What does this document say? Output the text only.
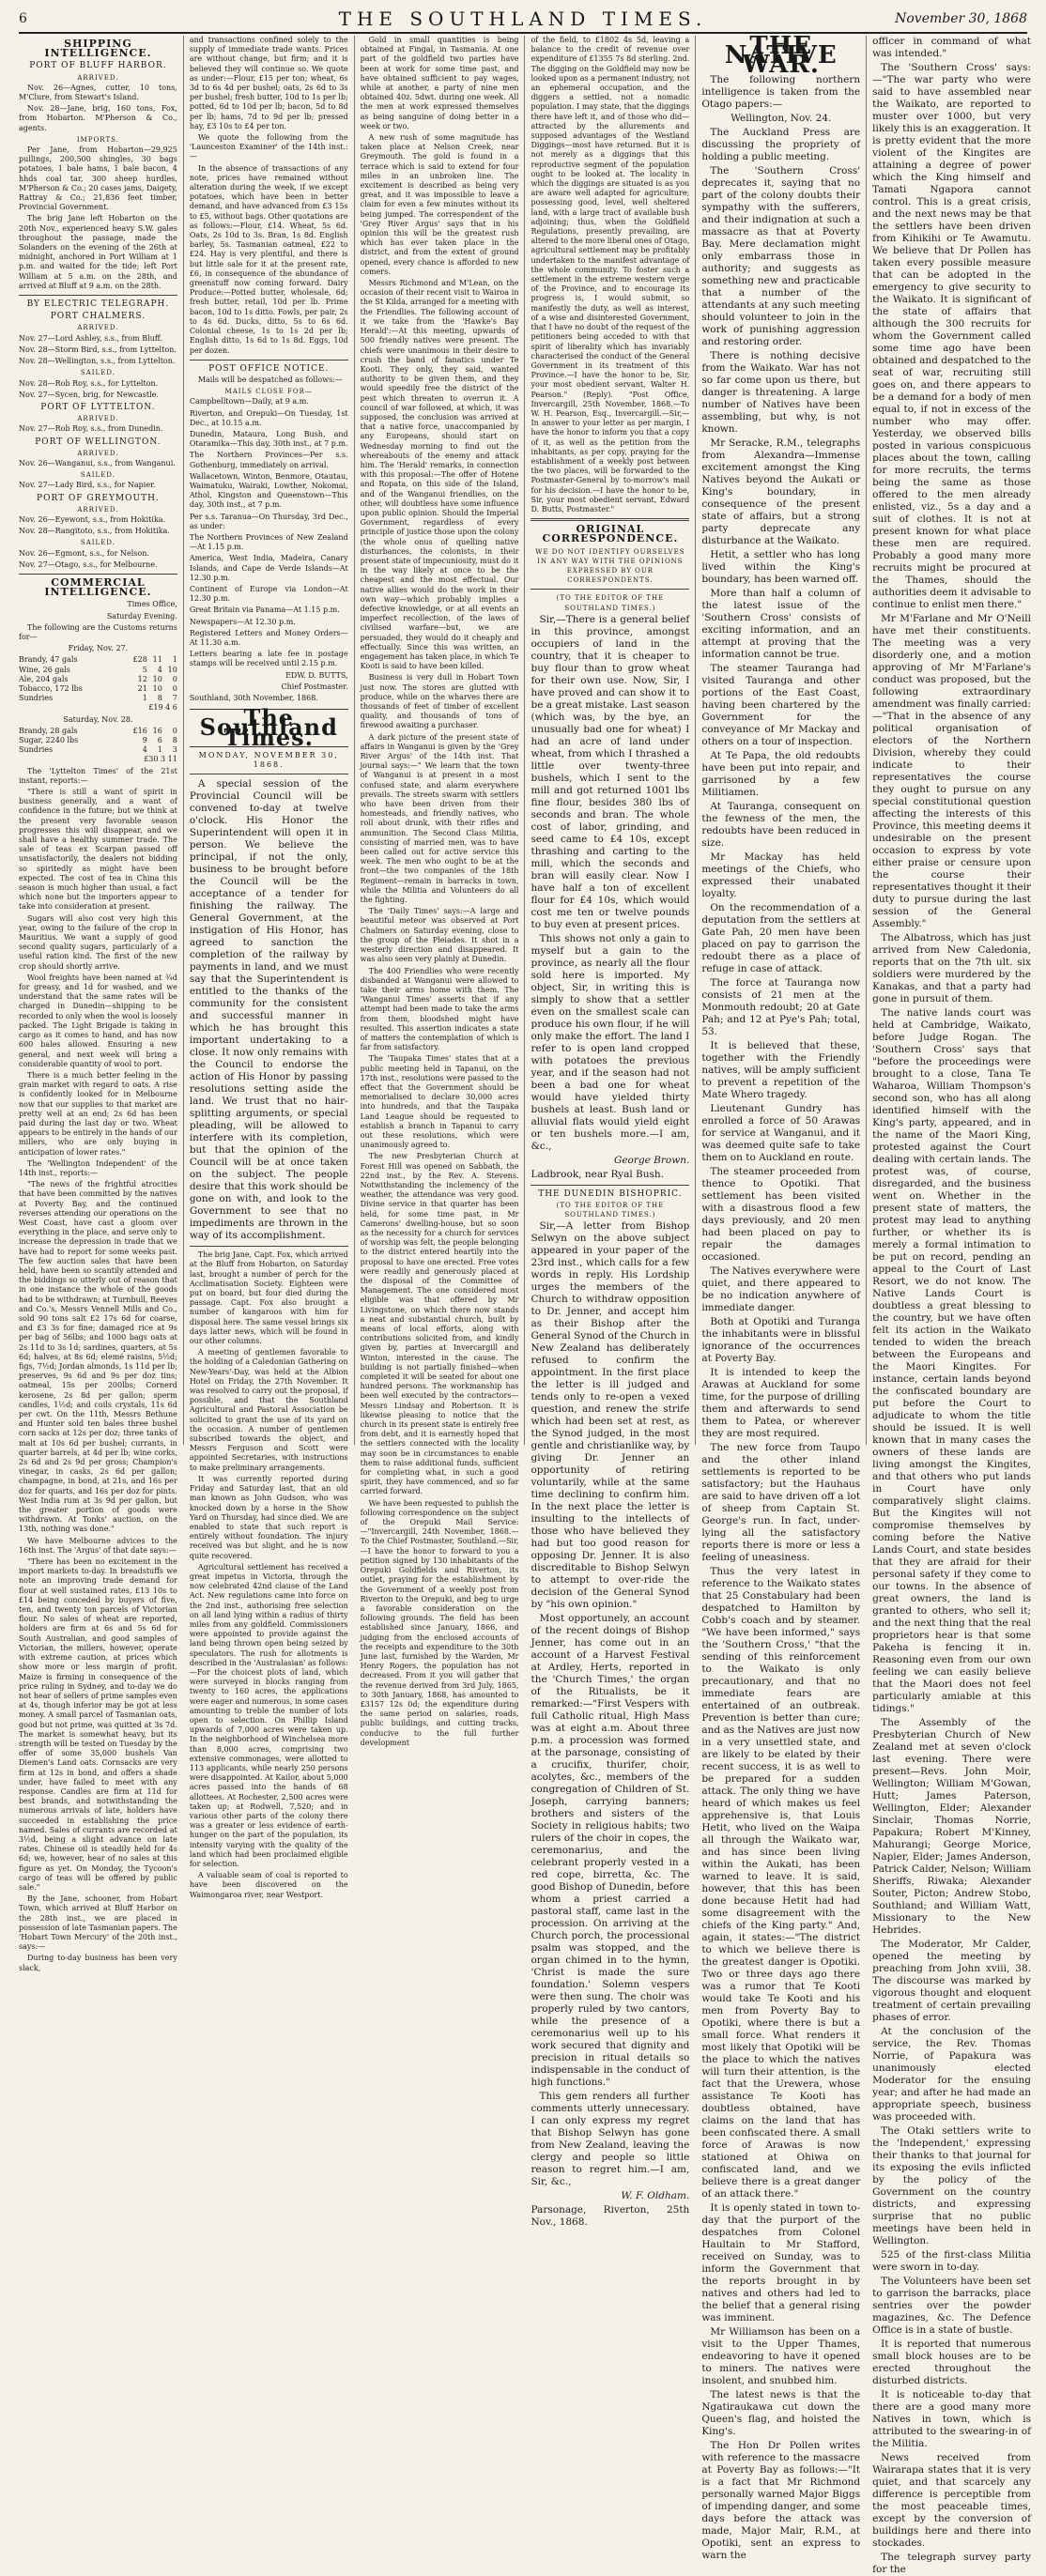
6	THE SOUTHLAND TIMES.	November 30, 1868
SHIPPING INTELLIGENCE.
PORT OF BLUFF HARBOR.
ARRIVED.

Nov. 26—Agnes, cutter, 10 tons, M'Clure, from Stewart's Island.

Nov. 28—Jane, brig, 160 tons, Fox, from Hobarton. M'Pherson & Co., agents.

IMPORTS.

Per Jane, from Hobarton—29,925 pullings, 200,500 shingles, 30 bags potatoes, 1 bale hams, 1 bale bacon, 4 hhds coal tar, 300 sheep hurdles, M'Pherson & Co.; 20 cases jams, Daigety, Rattray & Co.; 21,836 feet timber, Provincial Government.

The brig Jane left Hobarton on the 20th Nov., experienced heavy S.W. gales throughout the passage, made the Solanders on the evening of the 26th at midnight, anchored in Port William at 1 p.m. and waited for the tide; left Port William at 5 a.m. on the 28th, and arrived at Bluff at 9 a.m. on the 28th.

BY ELECTRIC TELEGRAPH.
PORT CHALMERS.
ARRIVED.

Nov. 27—Lord Ashley, s.s., from Bluff.

Nov. 28—Storm Bird, s.s., from Lyttelton.

Nov. 28—Wellington, s.s., from Lyttelton.

SAILED.

Nov. 28—Rob Roy, s.s., for Lyttelton.

Nov. 27—Sycen, brig, for Newcastle.

PORT OF LYTTELTON.
ARRIVED.

Nov. 27—Rob Roy, s.s., from Dunedin.

PORT OF WELLINGTON.
ARRIVED.

Nov. 26—Wanganui, s.s., from Wanganui.

SAILED.

Nov. 27—Lady Bird, s.s., for Napier.

PORT OF GREYMOUTH.
ARRIVED.

Nov. 26—Eyewont, s.s., from Hokitika.

Nov. 28—Rangitoto, s.s., from Hokitika.

SAILED.

Nov. 26—Egmont, s.s., for Nelson.

Nov. 27—Otago, s.s., for Melbourne.

COMMERCIAL INTELLIGENCE.

Times Office,

Saturday Evening.

The following are the Customs returns for—

Friday, Nov. 27.

Brandy, 47 gals	£28	11	1
Wine, 26 gals	5	4	10
Ale, 204 gals	12	10	0
Tobacco, 172 lbs	21	10	0
Sundries	1	8	7

£19 4 6

Saturday, Nov. 28.

Brandy, 28 gals	£16	16	0
Sugar, 2240 lbs	9	6	8
Sundries	4	1	3

£30 3 11

The 'Lyttelton Times' of the 21st instant, reports:—

"There is still a want of spirit in business generally, and a want of confidence in the future; but we think at the present very favorable season progresses this will disappear, and we shall have a healthy summer trade. The sale of teas ex Scarpan passed off unsatisfactorily, the dealers not bidding so spiritedly as might have been expected. The cost of tea in China this season is much higher than usual, a fact which none but the importers appear to take into consideration at present.

Sugars will also cost very high this year, owing to the failure of the crop in Mauritius. We want a supply of good second quality sugars, particularly of a useful ration kind. The first of the new crop should shortly arrive.

Wool freights have been named at ¾d for greasy, and 1d for washed, and we understand that the same rates will be charged in Dunedin—shipping to be recorded to only when the wool is loosely packed. The Light Brigade is taking in cargo as it comes to hand, and has now 600 bales allowed. Ensuring a new general, and next week will bring a considerable quantity of wool to port.

There is a much better feeling in the grain market with regard to oats. A rise is confidently looked for in Melbourne now that our supplies to that market are pretty well at an end; 2s 6d has been paid during the last day or two. Wheat appears to be entirely in the hands of our millers, who are only buying in anticipation of lower rates."

The 'Wellington Independent' of the 14th inst., reports:—

"The news of the frightful atrocities that have been committed by the natives at Poverty Bay, and the continued reverses attending our operations on the West Coast, have cast a gloom over everything in the place, and serve only to increase the depression in trade that we have had to report for some weeks past. The few auction sales that have been held, have been so scantily attended and the biddings so utterly out of reason that in one instance the whole of the goods had to be withdrawn; at Turnbull, Reeves and Co.'s, Messrs Vennell Mills and Co., sold 90 tons salt £2 17s 6d for coarse, and £3 3s for fine; damaged rice at 9s per bag of 56lbs; and 1000 bags oats at 2s 11d to 3s 1d; sardines, quarters, at 5s 6d; halves, at 8s 6d; elemé raisins, 5½d; figs, 7½d; Jordan almonds, 1s 11d per lb; preserves, 9s 6d and 9s per doz tins; oatmeal, 15s per 200lbs; Cornerd kerosene, 2s 8d per gallon; sperm candles, 1½d; and coils crystals, 11s 6d per cwt. On the 11th, Messrs Bethune and Hunter sold ten bales three bushel corn sacks at 12s per doz; three tanks of malt at 10s 6d per bushel; currants, in quarter barrels, at 4d per lb; wine corks, 2s 6d and 2s 9d per gross; Champion's vinegar, in casks, 2s 6d per gallon; champagne, in bond, at 21s, and 16s per doz for quarts, and 16s per doz for pints. West India rum at 3s 9d per gallon, but the greater portion of goods were withdrawn. At Tonks' auction, on the 13th, nothing was done."

We have Melbourne advices to the 16th inst. The 'Argus' of that date says:—

"There has been no excitement in the import markets to-day. In breadstuffs we note an improving trade demand for flour at well sustained rates, £13 10s to £14 being conceded by buyers of five, ten, and twenty ton parcels of Victorian flour. No sales of wheat are reported, holders are firm at 6s and 5s 6d for South Australian, and good samples of Victorian, the millers, however, operate with extreme caution, at prices which show more or less margin of profit. Maize is firming in consequence of the price ruling in Sydney, and to-day we do not hear of sellers of prime samples even at 4s, though inferior may be got at less money. A small parcel of Tasmanian oats, good but not prime, was quitted at 3s 7d. The market is somewhat heavy, but its strength will be tested on Tuesday by the offer of some 35,000 bushels Van Diemen's Land oats. Cornsacks are very firm at 12s in bond, and offers a shade under, have failed to meet with any response. Candles are firm at 11d for best brands, and notwithstanding the numerous arrivals of late, holders have succeeded in establishing the price named. Sales of currants are recorded at 3½d, being a slight advance on late rates. Chinese oil is steadily held for 4s 6d; we, however, hear of no sales at this figure as yet. On Monday, the Tycoon's cargo of teas will be offered by public sale."

By the Jane, schooner, from Hobart Town, which arrived at Bluff Harbor on the 28th inst., we are placed in possession of late Tasmanian papers. The 'Hobart Town Mercury' of the 20th inst., says:—

During to-day business has been very slack,

and transactions confined solely to the supply of immediate trade wants. Prices are without change, but firm; and it is believed they will continue so. We quote as under:—Flour, £15 per ton; wheat, 6s 3d to 6s 4d per bushel; oats, 2s 6d to 3s per bushel; fresh butter, 10d to 1s per lb; potted, 6d to 10d per lb; bacon, 5d to 8d per lb; hams, 7d to 9d per lb; pressed hay, £3 10s to £4 per ton.

We quote the following from the 'Launceston Examiner' of the 14th inst.:—

In the absence of transactions of any note, prices have remained without alteration during the week, if we except potatoes, which have been in better demand, and have advanced from £3 15s to £5, without bags. Other quotations are as follows:—Flour, £14. Wheat, 5s 6d. Oats, 2s 10d to 3s. Bran, 1s 8d. English barley, 5s. Tasmanian oatmeal, £22 to £24. Hay is very plentiful, and there is but little sale for it at the present rate, £6, in consequence of the abundance of greenstuff now coming forward. Dairy Produce:—Potted butter, wholesale, 6d; fresh butter, retail, 10d per lb. Prime bacon, 10d to 1s ditto. Fowls, per pair, 2s to 4s 6d. Ducks, ditto, 5s to 6s 6d. Colonial cheese, 1s to 1s 2d per lb; English ditto, 1s 6d to 1s 8d. Eggs, 10d per dozen.

POST OFFICE NOTICE.

Mails will be despatched as follows:—

MAILS CLOSE FOR—

Campbelltown—Daily, at 9 a.m.

Riverton, and Orepuki—On Tuesday, 1st Dec., at 10.15 a.m.

Dunedin, Mataura, Long Bush, and Otaramika—This day, 30th inst., at 7 p.m.

The Northern Provinces—Per s.s. Gothenburg, immediately on arrival.

Wallacetown, Winton, Benmore, Otautau, Waimatuku, Wairaki, Lowther, Nokomai, Athol, Kingston and Queenstown—This day, 30th inst., at 7 p.m.

Per s.s. Taranua—On Thursday, 3rd Dec., as under:

The Northern Provinces of New Zealand—At 1.15 p.m.

America, West India, Madeira, Canary Islands, and Cape de Verde Islands—At 12.30 p.m.

Continent of Europe via London—At 12.30 p.m.

Great Britain via Panama—At 1.15 p.m.

Newspapers—At 12.30 p.m.

Registered Letters and Money Orders—At 11.30 a.m.

Letters bearing a late fee in postage stamps will be received until 2.15 p.m.

EDW. D. BUTTS,

Chief Postmaster.

Southland, 30th November, 1868.

The Southland Times.
MONDAY, NOVEMBER 30, 1868.

A special session of the Provincial Council will be convened to-day at twelve o'clock. His Honor the Superintendent will open it in person. We believe the principal, if not the only, business to be brought before the Council will be the acceptance of a tender for finishing the railway. The General Government, at the instigation of His Honor, has agreed to sanction the completion of the railway by payments in land, and we must say that the Superintendent is entitled to the thanks of the community for the consistent and successful manner in which he has brought this important undertaking to a close. It now only remains with the Council to endorse the action of His Honor by passing resolutions setting aside the land. We trust that no hair-splitting arguments, or special pleading, will be allowed to interfere with its completion, but that the opinion of the Council will be at once taken on the subject. The people desire that this work should be gone on with, and look to the Government to see that no impediments are thrown in the way of its accomplishment.

The brig Jane, Capt. Fox, which arrived at the Bluff from Hobarton, on Saturday last, brought a number of perch for the Acclimatisation Society. Eighteen were put on board, but four died during the passage. Capt. Fox also brought a number of kangaroos with him for disposal here. The same vessel brings six days latter news, which will be found in our other columns.

A meeting of gentlemen favorable to the holding of a Caledonian Gathering on New-Years'-Day, was held at the Albion Hotel on Friday, the 27th November. It was resolved to carry out the proposal, if possible, and that the Southland Agricultural and Pastoral Association be solicited to grant the use of its yard on the occasion. A number of gentlemen subscribed towards the object, and Messrs Ferguson and Scott were appointed Secretaries, with instructions to make preliminary arrangements.

It was currently reported during Friday and Saturday last, that an old man known as John Gudson, who was knocked down by a horse in the Show Yard on Thursday, had since died. We are enabled to state that such report is entirely without foundation. The injury received was but slight, and he is now quite recovered.

Agricultural settlement has received a great impetus in Victoria, through the now celebrated 42nd clause of the Land Act. New regulations came into force on the 2nd inst., authorising free selection on all land lying within a radius of thirty miles from any goldfield. Commissioners were appointed to provide against the land being thrown open being seized by speculators. The rush for allotments is described in the 'Australasian' as follows:—For the choicest plots of land, which were surveyed in blocks ranging from twenty to 160 acres, the applications were eager and numerous, in some cases amounting to treble the number of lots open to selection. On Phillip Island upwards of 7,000 acres were taken up. In the neighborhood of Winchelsea more than 8,000 acres, comprising two extensive commonages, were allotted to 113 applicants, while nearly 250 persons were disappointed. At Kailor, about 5,000 acres passed into the hands of 68 allottees. At Rochester, 2,500 acres were taken up; at Rodwell, 7,520; and in various other parts of the colony there was a greater or less evidence of earth-hunger on the part of the population, its intensity varying with the quality of the land which had been proclaimed eligible for selection.

A valuable seam of coal is reported to have been discovered on the Waimongaroa river, near Westport.

Gold in small quantities is being obtained at Fingal, in Tasmania. At one part of the goldfield two parties have been at work for some time past, and have obtained sufficient to pay wages, while at another, a party of nine men obtained 40z. 5dwt. during one week. All the men at work expressed themselves as being sanguine of doing better in a week or two.

A new rush of some magnitude has taken place at Nelson Creek, near Greymouth. The gold is found in a terrace which is said to extend for four miles in an unbroken line. The excitement is described as being very great, and it was impossible to leave a claim for even a few minutes without its being jumped. The correspondent of the 'Grey River Argus' says that in his opinion this will be the greatest rush which has ever taken place in the district, and from the extent of ground opened, every chance is afforded to new comers.

Messrs Richmond and M'Lean, on the occasion of their recent visit to Wairoa in the St Kilda, arranged for a meeting with the Friendlies. The following account of it we take from the 'Hawke's Bay Herald':—At this meeting, upwards of 500 friendly natives were present. The chiefs were unanimous in their desire to crush the band of fanatics under Te Kooti. They only, they said, wanted authority to be given them, and they would speedily free the district of the pest which threaten to overrun it. A council of war followed, at which, it was supposed, the conclusion was arrived at that a native force, unaccompanied by any Europeans, should start on Wednesday morning to find out the whereabouts of the enemy and attack him. The 'Herald' remarks, in connection with this proposal:—The offer of Hotene and Ropata, on this side of the Island, and of the Wanganui friendlies, on the other, will doubtless have some influence upon public opinion. Should the Imperial Government, regardless of every principle of justice those upon the colony (the whole onus of quelling native disturbances, the colonists, in their present state of impecuniosity, must do it in the way likely at once to be the cheapest and the most effectual. Our native allies would do the work in their own way—which probably implies a defective knowledge, or at all events an imperfect recollection, of the laws of civilised warfare—but, we are persuaded, they would do it cheaply and effectually. Since this was written, an engagement has taken place, in which Te Kooti is said to have been killed.

Business is very dull in Hobart Town just now. The stores are glutted with produce, while on the wharves there are thousands of feet of timber of excellent quality, and thousands of tons of firewood awaiting a purchaser.

A dark picture of the present state of affairs in Wanganui is given by the 'Grey River Argus' of the 14th inst. That journal says:—" We learn that the town of Wanganui is at present in a most confused state, and alarm everywhere prevails. The streets swarm with settlers who have been driven from their homesteads, and friendly natives, who roll about drunk, with their rifles and ammunition. The Second Class Militia, consisting of married men, was to have been called out for active service this week. The men who ought to be at the front—the two companies of the 18th Regiment—remain in barracks in town, while the Militia and Volunteers do all the fighting.

The 'Daily Times' says:—A large and beautiful meteor was observed at Port Chalmers on Saturday evening, close to the group of the Pleiades. It shot in a westerly direction and disappeared. It was also seen very plainly at Dunedin.

The 400 Friendlies who were recently disbanded at Wanganui were allowed to take their arms home with them. The 'Wanganui Times' asserts that if any attempt had been made to take the arms from them, bloodshed might have resulted. This assertion indicates a state of matters the contemplation of which is far from satisfactory.

The 'Taupaka Times' states that at a public meeting held in Tapanui, on the 17th inst., resolutions were passed to the effect that the Government should be memorialised to declare 30,000 acres into hundreds, and that the Taupaka Land League should be requested to establish a branch in Tapanui to carry out these resolutions, which were unanimously agreed to.

The new Presbyterian Church at Forest Hill was opened on Sabbath, the 22nd inst., by the Rev. A. Stevens. Notwithstanding the inclemency of the weather, the attendance was very good. Divine service in that quarter has been held, for some time past, in Mr Camerons' dwelling-house, but so soon as the necessity for a church for services of worship was felt, the people belonging to the district entered heartily into the proposal to have one erected. Free votes were readily and generously placed at the disposal of the Committee of Management. The one considered most eligible was that offered by Mr Livingstone, on which there now stands a neat and substantial church, built by means of local efforts, along with contributions solicited from, and kindly given by, parties at Invercargill and Winton, interested in the cause. The building is not partially finished—when completed it will be seated for about one hundred persons. The workmanship has been well executed by the contractors—Messrs Lindsay and Robertson. It is likewise pleasing to notice that the church in its present state is entirely free from debt, and it is earnestly hoped that the settlers connected with the locality may soon be in circumstances to enable them to raise additional funds, sufficient for completing what, in such a good spirit, they have commenced, and so far carried forward.

We have been requested to publish the following correspondence on the subject of the Orepuki Mail Service:—"Invercargill, 24th November, 1868.—To the Chief Postmaster, Southland.—Sir,—I have the honor to forward to you a petition signed by 130 inhabitants of the Orepuki Goldfields and Riverton, its outlet, praying for the establishment by the Government of a weekly post from Riverton to the Orepuki, and beg to urge a favorable consideration on the following grounds. The field has been established since January, 1866, and judging from the enclosed accounts of the receipts and expenditure to the 30th June last, furnished by the Warden, Mr Henry Rogers, the population has not decreased. From it you will gather that the revenue derived from 3rd July, 1865, to 30th January, 1868, has amounted to £3157 12s 0d; the expenditure during the same period on salaries, roads, public buildings, and cutting tracks, conducive to the full further development

of the field, to £1802 4s 5d, leaving a balance to the credit of revenue over expenditure of £1355 7s 8d sterling. 2nd. The digging on the Goldfield may now be looked upon as a permanent industry, not an ephemeral occupation, and the diggers a settled, not a nomadic population. I may state, that the diggings there have left it, and of those who did—attracted by the allurements and supposed advantages of the Westland Diggings—most have returned. But it is not merely as a diggings that this reproductive segment of the population ought to be looked at. The locality in which the diggings are situated is as you are aware well adapted for agriculture; possessing good, level, well sheltered land, with a large tract of available bush adjoining; thus, when the Goldfield Regulations, presently prevailing, are altered to the more liberal ones of Otago, agricultural settlement may be profitably undertaken to the manifest advantage of the whole community. To foster such a settlement in the extreme western verge of the Province, and to encourage its progress is, I would submit, so manifestly the duty, as well as interest, of a wise and disinterested Government, that I have no doubt of the request of the petitioners being acceded to with that spirit of liberality which has invariably characterised the conduct of the General Government in its treatment of this Province.—I have the honor to be, Sir, your most obedient servant, Walter H. Pearson." (Reply). "Post Office, Invercargill, 25th November, 1868.—To W. H. Pearson, Esq., Invercargill.—Sir,—In answer to your letter as per margin, I have the honor to inform you that a copy of it, as well as the petition from the inhabitants, as per copy, praying for the establishment of a weekly post between the two places, will be forwarded to the Postmaster-General by to-morrow's mail for his decision.—I have the honor to be, Sir, your most obedient servant, Edward D. Butts, Postmaster."

ORIGINAL CORRESPONDENCE.
WE DO NOT IDENTIFY OURSELVES IN ANY WAY WITH THE OPINIONS EXPRESSED BY OUR CORRESPONDENTS.
(TO THE EDITOR OF THE SOUTHLAND TIMES.)

Sir,—There is a general belief in this province, amongst occupiers of land in the country, that it is cheaper to buy flour than to grow wheat for their own use. Now, Sir, I have proved and can show it to be a great mistake. Last season (which was, by the bye, an unusually bad one for wheat) I had an acre of land under wheat, from which I thrashed a little over twenty-three bushels, which I sent to the mill and got returned 1001 lbs fine flour, besides 380 lbs of seconds and bran. The whole cost of labor, grinding, and seed came to £4 10s, except thrashing and carting to the mill, which the seconds and bran will easily clear. Now I have half a ton of excellent flour for £4 10s, which would cost me ten or twelve pounds to buy even at present prices.

This shows not only a gain to myself but a gain to the province, as nearly all the flour sold here is imported. My object, Sir, in writing this is simply to show that a settler even on the smallest scale can produce his own flour, if he will only make the effort. The land I refer to is open land cropped with potatoes the previous year, and if the season had not been a bad one for wheat would have yielded thirty bushels at least. Bush land or alluvial flats would yield eight or ten bushels more.—I am, &c.,

George Brown.

Ladbrook, near Ryal Bush.

THE DUNEDIN BISHOPRIC.
(TO THE EDITOR OF THE SOUTHLAND TIMES.)

Sir,—A letter from Bishop Selwyn on the above subject appeared in your paper of the 23rd inst., which calls for a few words in reply. His Lordship urges the members of the Church to withdraw opposition to Dr. Jenner, and accept him as their Bishop after the General Synod of the Church in New Zealand has deliberately refused to confirm the appointment. In the first place the letter is ill judged and tends only to re-open a vexed question, and renew the strife which had been set at rest, as the Synod judged, in the most gentle and christianlike way, by giving Dr. Jenner an opportunity of retiring voluntarily, while at the same time declining to confirm him. In the next place the letter is insulting to the intellects of those who have believed they had but too good reason for opposing Dr. Jenner. It is also discreditable to Bishop Selwyn to attempt to over-ride the decision of the General Synod by "his own opinion."

Most opportunely, an account of the recent doings of Bishop Jenner, has come out in an account of a Harvest Festival at Ardley, Herts, reported in the 'Church Times,' the organ of the Ritualists, be it remarked:—"First Vespers with full Catholic ritual, High Mass was at eight a.m. About three p.m. a procession was formed at the parsonage, consisting of a crucifix, thurifer, choir, acolytes, &c., members of the congregation of Children of St. Joseph, carrying banners; brothers and sisters of the Society in religious habits; two rulers of the choir in copes, the ceremonarius, and the celebrant properly vested in a red cope, birretta, &c. The good Bishop of Dunedin, before whom a priest carried a pastoral staff, came last in the procession. On arriving at the Church porch, the processional psalm was stopped, and the organ chimed in to the hymn, 'Christ is made the sure foundation.' Solemn vespers were then sung. The choir was properly ruled by two cantors, while the presence of a ceremonarius well up to his work secured that dignity and precision in ritual details so indispensable in the conduct of high functions."

This gem renders all further comments utterly unnecessary. I can only express my regret that Bishop Selwyn has gone from New Zealand, leaving the clergy and people so little reason to regret him.—I am, Sir, &c.,

W. F. Oldham.

Parsonage, Riverton, 25th Nov., 1868.

THE NATIVE WAR.

The following northern intelligence is taken from the Otago papers:—

Wellington, Nov. 24.

The Auckland Press are discussing the propriety of holding a public meeting.

The 'Southern Cross' deprecates it, saying that no part of the colony doubts their sympathy with the sufferers, and their indignation at such a massacre as that at Poverty Bay. Mere declamation might only embarrass those in authority; and suggests as something new and practicable that a number of the attendants at any such meeting should volunteer to join in the work of punishing aggression and restoring order.

There is nothing decisive from the Waikato. War has not so far come upon us there, but danger is threatening. A large number of Natives have been assembling, but why, is not known.

Mr Seracke, R.M., telegraphs from Alexandra—Immense excitement amongst the King Natives beyond the Aukati or King's boundary, in consequence of the present state of affairs, but a strong party deprecate any disturbance at the Waikato.

Hetit, a settler who has long lived within the King's boundary, has been warned off.

More than half a column of the latest issue of the 'Southern Cross' consists of exciting information, and an attempt at proving that the information cannot be true.

The steamer Tauranga had visited Tauranga and other portions of the East Coast, having been chartered by the Government for the conveyance of Mr Mackay and others on a tour of inspection.

At Te Papa, the old redoubts have been put into repair, and garrisoned by a few Militiamen.

At Tauranga, consequent on the fewness of the men, the redoubts have been reduced in size.

Mr Mackay has held meetings of the Chiefs, who expressed their unabated loyalty.

On the recommendation of a deputation from the settlers at Gate Pah, 20 men have been placed on pay to garrison the redoubt there as a place of refuge in case of attack.

The force at Tauranga now consists of 21 men at the Monmouth redoubt; 20 at Gate Pah; and 12 at Pye's Pah; total, 53.

It is believed that these, together with the Friendly natives, will be amply sufficient to prevent a repetition of the Mate Whero tragedy.

Lieutenant Gundry has enrolled a force of 50 Arawas for service at Wanganui, and it was deemed quite safe to take them on to Auckland en route.

The steamer proceeded from thence to Opotiki. That settlement has been visited with a disastrous flood a few days previously, and 20 men had been placed on pay to repair the damages occasioned.

The Natives everywhere were quiet, and there appeared to be no indication anywhere of immediate danger.

Both at Opotiki and Turanga the inhabitants were in blissful ignorance of the occurrences at Poverty Bay.

It is intended to keep the Arawas at Auckland for some time, for the purpose of drilling them and afterwards to send them to Patea, or wherever they are most required.

The new force from Taupo and the other inland settlements is reported to be satisfactory; but the Hauhaus are said to have driven off a lot of sheep from Captain St. George's run. In fact, under-lying all the satisfactory reports there is more or less a feeling of uneasiness.

Thus the very latest in reference to the Waikato states that 25 Constabulary had been despatched to Hamilton by Cobb's coach and by steamer. "We have been informed," says the 'Southern Cross,' "that the sending of this reinforcement to the Waikato is only precautionary, and that no immediate fears are entertained of an outbreak. Prevention is better than cure; and as the Natives are just now in a very unsettled state, and are likely to be elated by their recent success, it is as well to be prepared for a sudden attack. The only thing we have heard of which makes us feel apprehensive is, that Louis Hetit, who lived on the Waipa all through the Waikato war, and has since been living within the Aukati, has been warned to leave. It is said, however, that this has been done because Hetit had had some disagreement with the chiefs of the King party." And, again, it states:—"The district to which we believe there is the greatest danger is Opotiki. Two or three days ago there was a rumor that Te Kooti would take Te Kooti and his men from Poverty Bay to Opotiki, where there is but a small force. What renders it most likely that Opotiki will be the place to which the natives will turn their attention, is the fact that the Urewera, whose assistance Te Kooti has doubtless obtained, have claims on the land that has been confiscated there. A small force of Arawas is now stationed at Ohiwa on confiscated land, and we believe there is a great danger of an attack there."

It is openly stated in town to-day that the purport of the despatches from Colonel Haultain to Mr Stafford, received on Sunday, was to inform the Government that the reports brought in by natives and others had led to the belief that a general rising was imminent.

Mr Williamson has been on a visit to the Upper Thames, endeavoring to have it opened to miners. The natives were insolent, and snubbed him.

The latest news is that the Ngatiraukawa cut down the Queen's flag, and hoisted the King's.

The Hon Dr Pollen writes with reference to the massacre at Poverty Bay as follows:—"It is a fact that Mr Richmond personally warned Major Biggs of impending danger, and some days before the attack was made, Major Mair, R.M., at Opotiki, sent an express to warn the

officer in command of what was intended."

The 'Southern Cross' says:—"The war party who were said to have assembled near the Waikato, are reported to muster over 1000, but very likely this is an exaggeration. It is pretty evident that the more violent of the Kingites are attaining a degree of power which the King himself and Tamati Ngapora cannot control. This is a great crisis, and the next news may be that the settlers have been driven from Kihikihi or Te Awamutu. We believe that Dr Pollen has taken every possible measure that can be adopted in the emergency to give security to the Waikato. It is significant of the state of affairs that although the 300 recruits for whom the Government called some time ago have been obtained and despatched to the seat of war, recruiting still goes on, and there appears to be a demand for a body of men equal to, if not in excess of the number who may offer. Yesterday, we observed bills posted in various conspicuous places about the town, calling for more recruits, the terms being the same as those offered to the men already enlisted, viz., 5s a day and a suit of clothes. It is not at present known for what place these men are required. Probably a good many more recruits might be procured at the Thames, should the authorities deem it advisable to continue to enlist men there."

Mr M'Farlane and Mr O'Neill have met their constituents. The meeting was a very disorderly one, and a motion approving of Mr M'Farlane's conduct was proposed, but the following extraordinary amendment was finally carried:—"That in the absence of any political organisation of electors of the Northern Division, whereby they could indicate to their representatives the course they ought to pursue on any special constitutional question affecting the interests of this Province, this meeting deems it undesirable on the present occasion to express by vote either praise or censure upon the course their representatives thought it their duty to pursue during the last session of the General Assembly."

The Albatross, which has just arrived from New Caledonia, reports that on the 7th ult. six soldiers were murdered by the Kanakas, and that a party had gone in pursuit of them.

The native lands court was held at Cambridge, Waikato, before Judge Rogan. The 'Southern Cross' says that "before the proceedings were brought to a close, Tana Te Waharoa, William Thompson's second son, who has all along identified himself with the King's party, appeared, and in the name of the Maori King, protested against the Court dealing with certain lands. The protest was, of course, disregarded, and the business went on. Whether in the present state of matters, the protest may lead to anything further, or whether its is merely a formal intimation to be put on record, pending an appeal to the Court of Last Resort, we do not know. The Native Lands Court is doubtless a great blessing to the country, but we have often felt its action in the Waikato tended to widen the breach between the Europeans and the Maori Kingites. For instance, certain lands beyond the confiscated boundary are put before the Court to adjudicate to whom the title should be issued. It is well known that in many cases the owners of these lands are living amongst the Kingites, and that others who put lands in Court have only comparatively slight claims. But the Kingites will not compromise themselves by coming before the Native Lands Court, and state besides that they are afraid for their personal safety if they come to our towns. In the absence of great owners, the land is granted to others, who sell it; and the next thing that the real proprietors hear is that some Pakeha is fencing it in. Reasoning even from our own feeling we can easily believe that the Maori does not feel particularly amiable at this tidings."

The Assembly of the Presbyterian Church of New Zealand met at seven o'clock last evening. There were present—Revs. John Moir, Wellington; William M'Gowan, Hutt; James Paterson, Wellington, Elder; Alexander Sinclair, Thomas Norrie, Papakura; Robert M'Kinney, Mahurangi; George Morice, Napier, Elder; James Anderson, Patrick Calder, Nelson; William Sheriffs, Riwaka; Alexander Souter, Picton; Andrew Stobo, Southland; and William Watt, Missionary to the New Hebrides.

The Moderator, Mr Calder, opened the meeting by preaching from John xviii, 38. The discourse was marked by vigorous thought and eloquent treatment of certain prevailing phases of error.

At the conclusion of the service, the Rev. Thomas Norrie, of Papakura was unanimously elected Moderator for the ensuing year; and after he had made an appropriate speech, business was proceeded with.

The Otaki settlers write to the 'Independent,' expressing their thanks to that journal for its exposing the evils inflicted by the policy of the Government on the country districts, and expressing surprise that no public meetings have been held in Wellington.

525 of the first-class Militia were sworn in to-day.

The Volunteers have been set to garrison the barracks, place sentries over the powder magazines, &c. The Defence Office is in a state of bustle.

It is reported that numerous small block houses are to be erected throughout the disturbed districts.

It is noticeable to-day that there are a good many more Natives in town, which is attributed to the swearing-in of the Militia.

News received from Wairarapa states that it is very quiet, and that scarcely any difference is perceptible from the most peaceable times, except by the conversion of buildings here and there into stockades.

The telegraph survey party for the
